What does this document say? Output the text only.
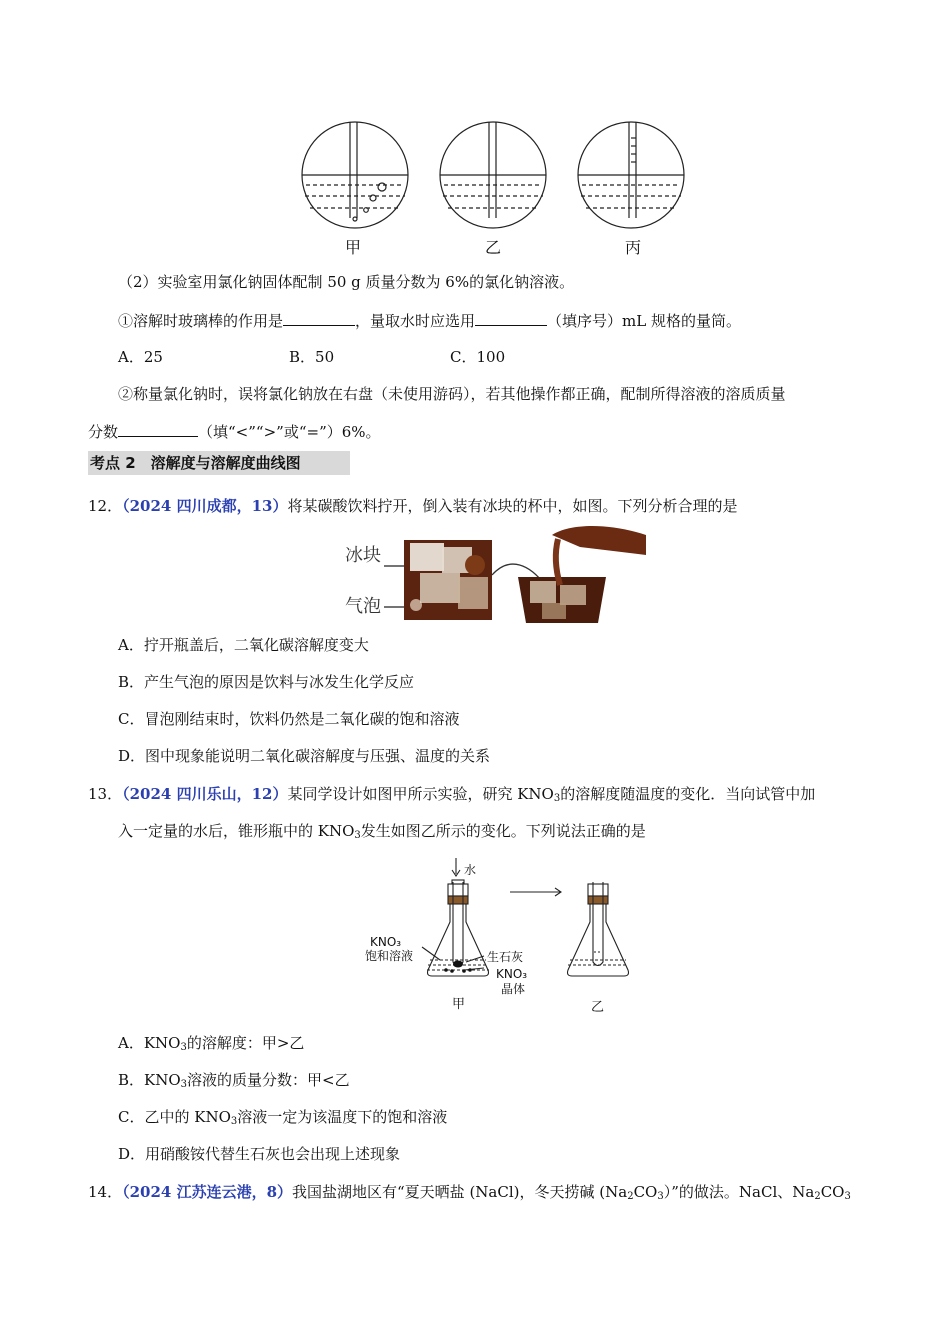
甲	乙	丙
（2）实验室用氯化钠固体配制 50 g 质量分数为 6%的氯化钠溶液。
①溶解时玻璃棒的作用是	，量取水时应选用	（填序号）mL 规格的量筒。
A．25	B．50	C．100
②称量氯化钠时，误将氯化钠放在右盘（未使用游码），若其他操作都正确，配制所得溶液的溶质质量
分数	（填“<”“>”或“=”）6%。
考点 2　溶解度与溶解度曲线图
12．（2024 四川成都，13）将某碳酸饮料拧开，倒入装有冰块的杯中，如图。下列分析合理的是
冰块
气泡
A．拧开瓶盖后，二氧化碳溶解度变大
B．产生气泡的原因是饮料与冰发生化学反应
C．冒泡刚结束时，饮料仍然是二氧化碳的饱和溶液
D．图中现象能说明二氧化碳溶解度与压强、温度的关系
13．（2024 四川乐山，12）某同学设计如图甲所示实验，研究 $KNO_3$的溶解度随温度的变化．当向试管中加
入一定量的水后，锥形瓶中的 $KNO_3$发生如图乙所示的变化。下列说法正确的是
水
KNO₃
饱和溶液	生石灰
KNO₃
晶体
甲	乙
A．$KNO_3$的溶解度：甲>乙
B．$KNO_3$溶液的质量分数：甲<乙
C．乙中的 $KNO_3$溶液一定为该温度下的饱和溶液
D．用硝酸铵代替生石灰也会出现上述现象
14．（2024 江苏连云港，8）我国盐湖地区有“夏天晒盐 (NaCl)，冬天捞碱 $(Na_2CO_3)$”的做法。NaCl、$Na_2CO_3$
